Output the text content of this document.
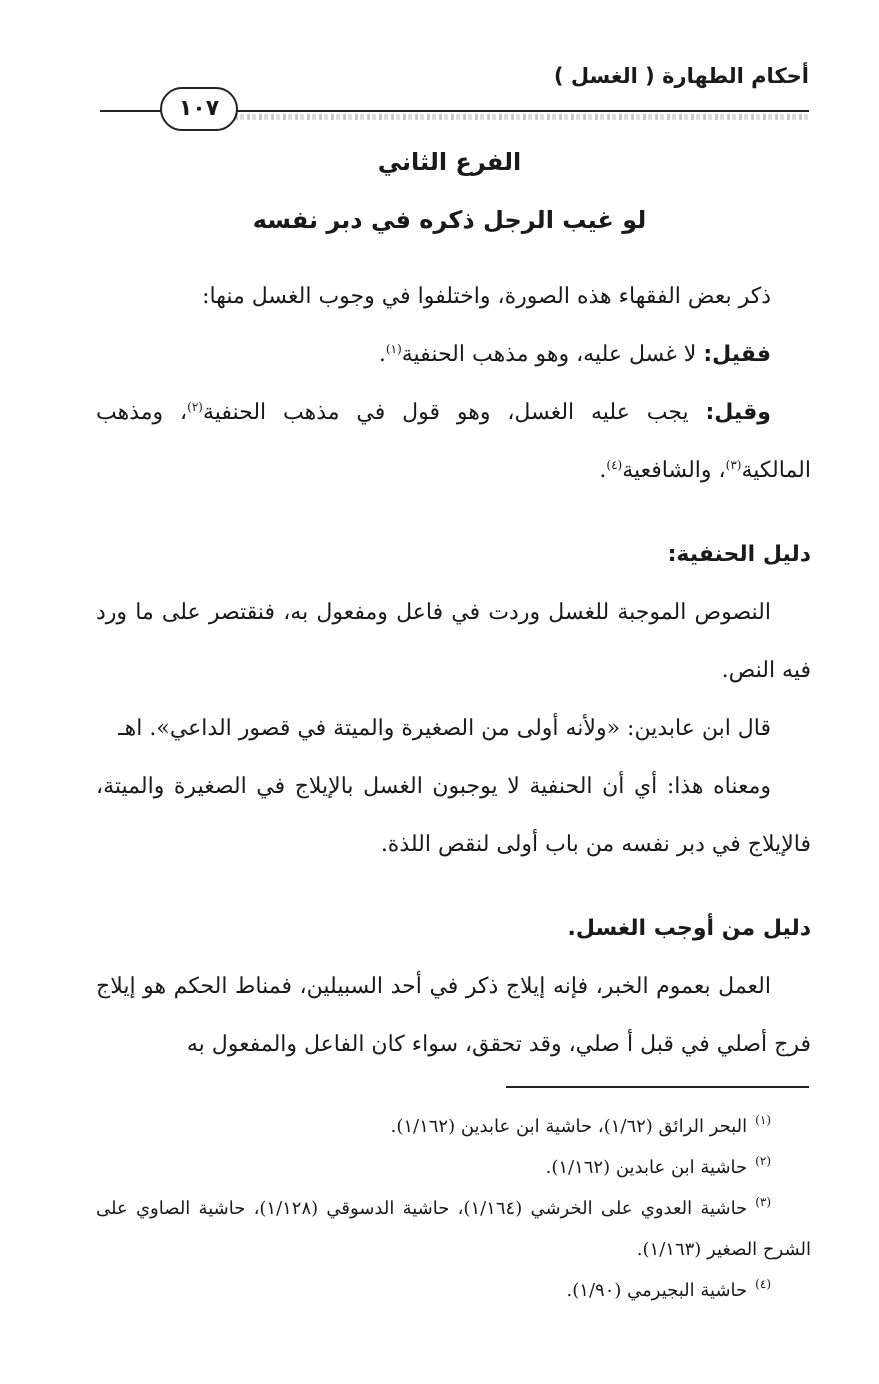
أحكام الطهارة ( الغسل )
١٠٧
الفرع الثاني
لو غيب الرجل ذكره في دبر نفسه

ذكر بعض الفقهاء هذه الصورة، واختلفوا في وجوب الغسل منها:

فقيل: لا غسل عليه، وهو مذهب الحنفية$^{(١)}$.

وقيل: يجب عليه الغسل، وهو قول في مذهب الحنفية$^{(٢)}$، ومذهب المالكية$^{(٣)}$، والشافعية$^{(٤)}$.

دليل الحنفية:

النصوص الموجبة للغسل وردت في فاعل ومفعول به، فنقتصر على ما ورد فيه النص.

قال ابن عابدين: «ولأنه أولى من الصغيرة والميتة في قصور الداعي». اهـ

ومعناه هذا: أي أن الحنفية لا يوجبون الغسل بالإيلاج في الصغيرة والميتة، فالإيلاج في دبر نفسه من باب أولى لنقص اللذة.

دليل من أوجب الغسل.

العمل بعموم الخبر، فإنه إيلاج ذكر في أحد السبيلين، فمناط الحكم هو إيلاج فرج أصلي في قبل أ صلي، وقد تحقق، سواء كان الفاعل والمفعول به

$^{(١)}$البحر الرائق (١/٦٢)، حاشية ابن عابدين (١/١٦٢).

$^{(٢)}$حاشية ابن عابدين (١/١٦٢).

$^{(٣)}$حاشية العدوي على الخرشي (١/١٦٤)، حاشية الدسوقي (١/١٢٨)، حاشية الصاوي على الشرح الصغير (١/١٦٣).

$^{(٤)}$حاشية البجيرمي (١/٩٠).
